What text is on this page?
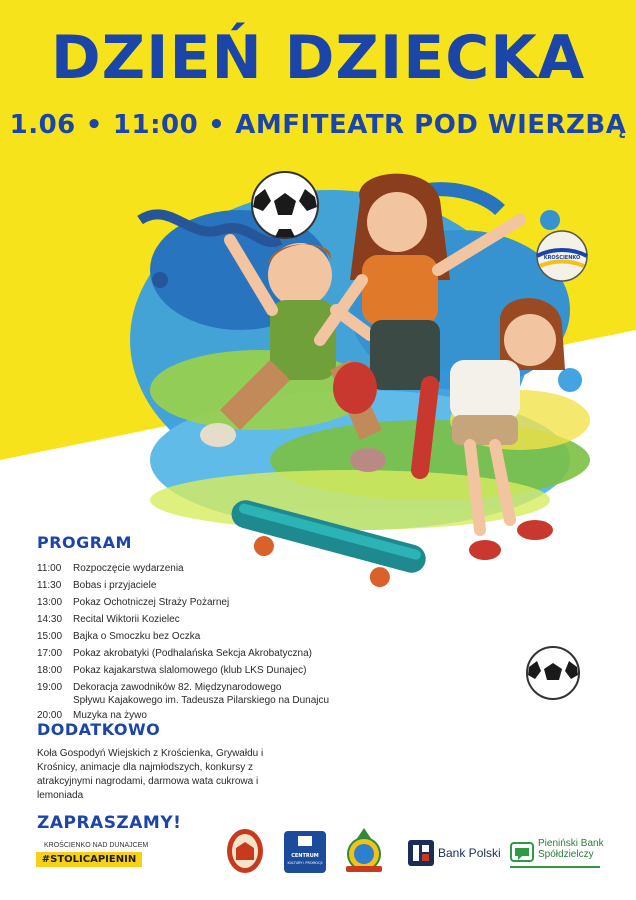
DZIEŃ DZIECKA
1.06 • 11:00 • AMFITEATR POD WIERZBĄ
KROŚCIENKO
PROGRAM
11:00	Rozpoczęcie wydarzenia
11:30	Bobas i przyjaciele
13:00	Pokaz Ochotniczej Straży Pożarnej
14:30	Recital Wiktorii Kozielec
15:00	Bajka o Smoczku bez Oczka
17:00	Pokaz akrobatyki (Podhalańska Sekcja Akrobatyczna)
18:00	Pokaz kajakarstwa slalomowego (klub LKS Dunajec)
19:00	Dekoracja zawodników 82. Międzynarodowego
Spływu Kajakowego im. Tadeusza Pilarskiego na Dunajcu
20:00	Muzyka na żywo
DODATKOWO
Koła Gospodyń Wiejskich z Krościenka, Grywałdu i Krośnicy, animacje dla najmłodszych, konkursy z atrakcyjnymi nagrodami, darmowa wata cukrowa i lemoniada
ZAPRASZAMY!
KROŚCIENKO NAD DUNAJCEM
#STOLICAPIENIN	CENTRUM
KULTURY i PROMOCJI
Bank Polski
Pieniński Bank
Spółdzielczy
